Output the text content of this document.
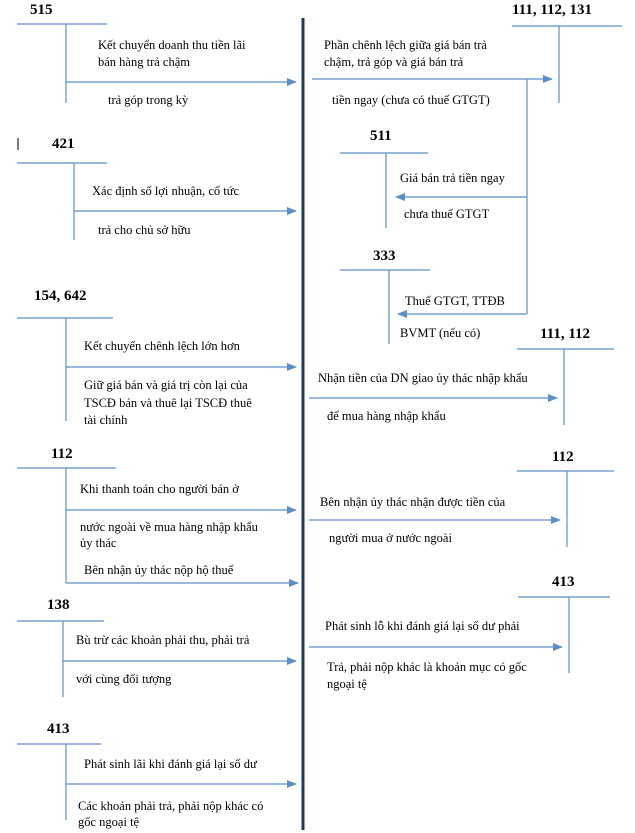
515
Kết chuyển doanh thu tiền lãi
bán hàng trả chậm
trả góp trong kỳ
421
Xác định số lợi nhuận, cổ tức
trả cho chủ sở hữu
154, 642
Kết chuyển chênh lệch lớn hơn
Giữ giá bán và giá trị còn lại của
TSCĐ bán và thuê lại TSCĐ thuê
tài chính
112
Khi thanh toán cho người bán ở
nước ngoài về mua hàng nhập khẩu
ủy thác
Bên nhận ủy thác nộp hộ thuế
138
Bù trừ các khoản phải thu, phải trả
với cùng đối tượng
413
Phát sinh lãi khi đánh giá lại số dư
Các khoản phải trả, phải nộp khác có
gốc ngoại tệ
111, 112, 131
Phần chênh lệch giữa giá bán trả
chậm, trả góp và giá bán trả
tiền ngay (chưa có thuế GTGT)
511
Giá bán trả tiền ngay
chưa thuế GTGT
333
Thuế GTGT, TTĐB
BVMT (nếu có)	111, 112
Nhận tiền của DN giao ủy thác nhập khẩu
để mua hàng nhập khẩu
112
Bên nhận ủy thác nhận được tiền của
người mua ở nước ngoài
413
Phát sinh lỗ khi đánh giá lại số dư phải
Trả, phải nộp khác là khoản mục có gốc
ngoại tệ
